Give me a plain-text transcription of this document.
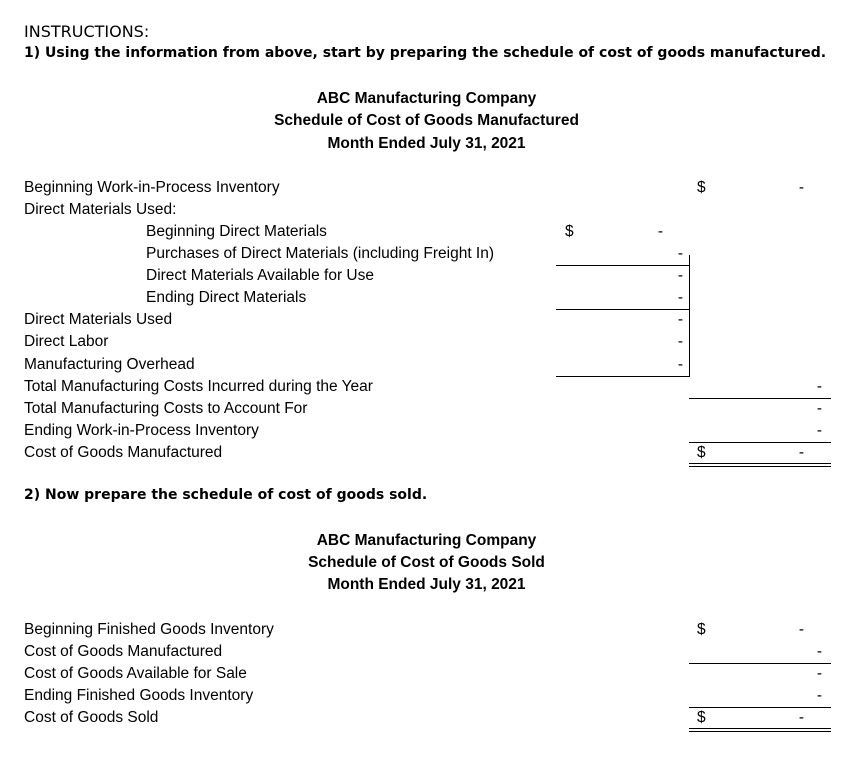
INSTRUCTIONS:
1) Using the information from above, start by preparing the schedule of cost of goods manufactured.
ABC Manufacturing Company
Schedule of Cost of Goods Manufactured
Month Ended July 31, 2021
Beginning Work-in-Process Inventory	$	-
Direct Materials Used:
Beginning Direct Materials	$	-
Purchases of Direct Materials (including Freight In)	-
Direct Materials Available for Use	-
Ending Direct Materials	-
Direct Materials Used	-
Direct Labor	-
Manufacturing Overhead	-
Total Manufacturing Costs Incurred during the Year	-
Total Manufacturing Costs to Account For	-
Ending Work-in-Process Inventory	-
Cost of Goods Manufactured	$	-
2) Now prepare the schedule of cost of goods sold.
ABC Manufacturing Company
Schedule of Cost of Goods Sold
Month Ended July 31, 2021
Beginning Finished Goods Inventory	$	-
Cost of Goods Manufactured	-
Cost of Goods Available for Sale	-
Ending Finished Goods Inventory	-
Cost of Goods Sold	$	-
